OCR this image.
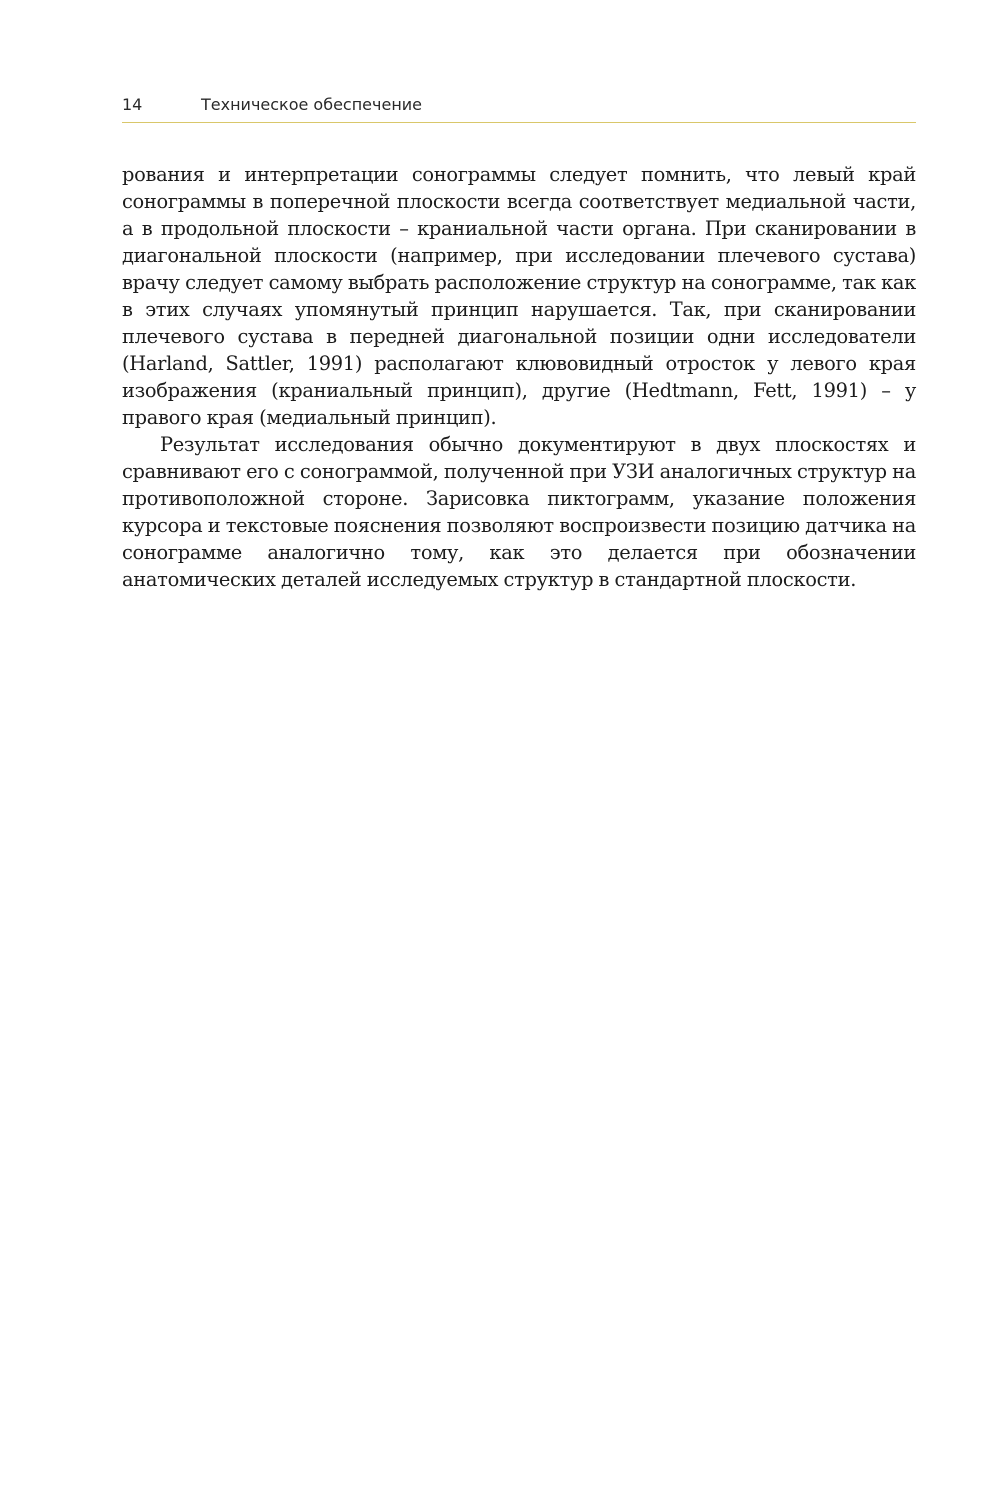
14	Техническое обеспечение

рования и интерпретации сонограммы следует помнить, что левый край сонограммы в поперечной плоскости всегда соответствует медиальной части, а в продольной плоскости – краниальной части органа. При сканировании в диагональной плоскости (например, при исследовании плечевого сустава) врачу следует самому выбрать расположение структур на сонограмме, так как в этих случаях упомянутый принцип нарушается. Так, при сканировании плечевого сустава в передней диагональной позиции одни исследователи (Harland, Sattler, 1991) располагают клювовидный отросток у левого края изображения (краниальный принцип), другие (Hedtmann, Fett, 1991) – у правого края (медиальный принцип).

Результат исследования обычно документируют в двух плоскостях и сравнивают его с сонограммой, полученной при УЗИ аналогичных структур на противоположной стороне. Зарисовка пиктограмм, указание положения курсора и текстовые пояснения позволяют воспроизвести позицию датчика на сонограмме аналогично тому, как это делается при обозначении анатомических деталей исследуемых структур в стандартной плоскости.
